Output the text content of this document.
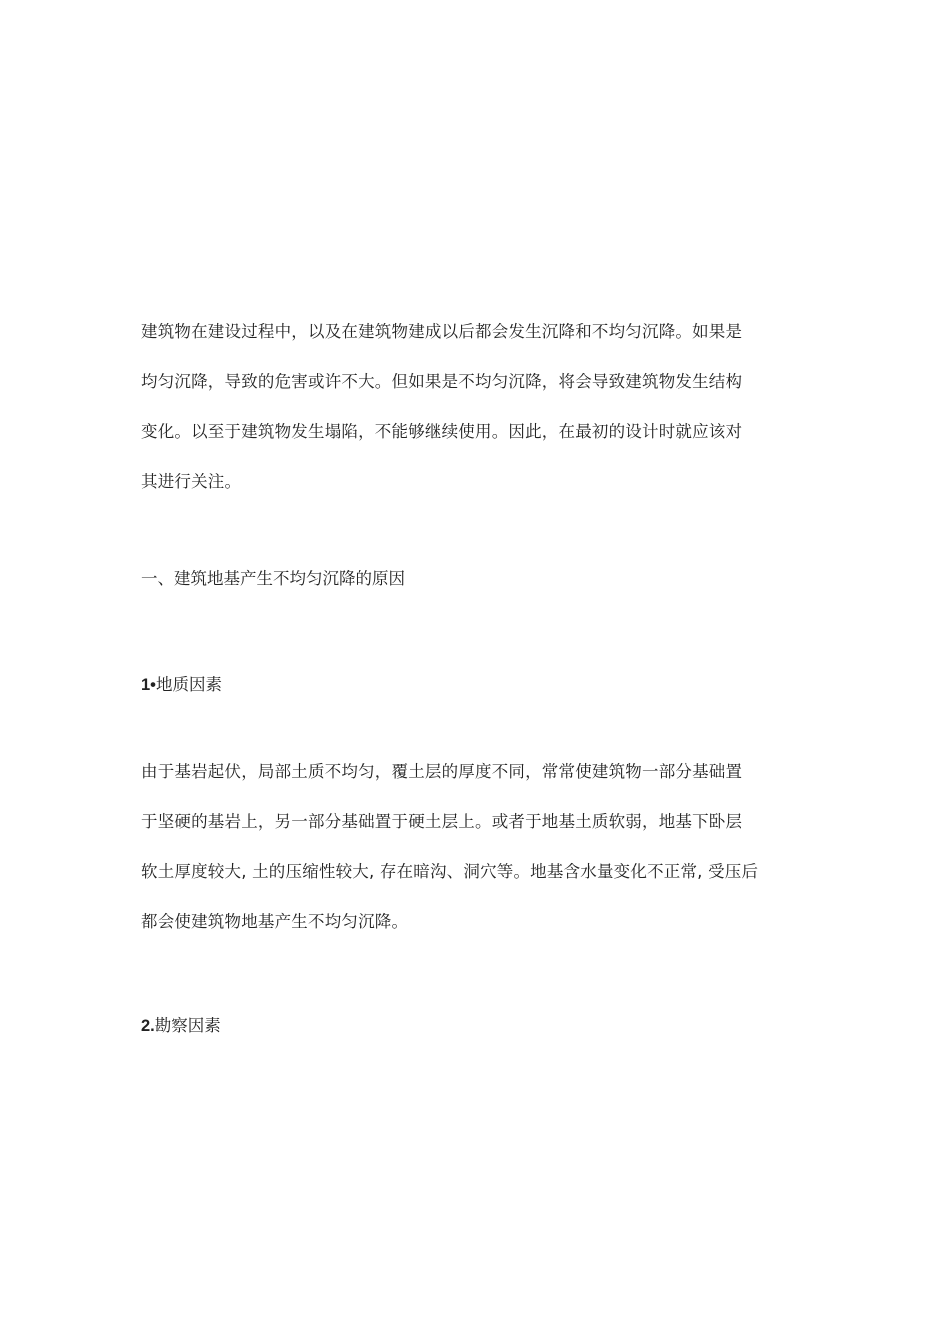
建筑物在建设过程中，以及在建筑物建成以后都会发生沉降和不均匀沉降。如果是
均匀沉降，导致的危害或许不大。但如果是不均匀沉降，将会导致建筑物发生结构
变化。以至于建筑物发生塌陷，不能够继续使用。因此，在最初的设计时就应该对
其进行关注。
一、建筑地基产生不均匀沉降的原因
1•地质因素
由于基岩起伏，局部土质不均匀，覆土层的厚度不同，常常使建筑物一部分基础置
于坚硬的基岩上，另一部分基础置于硬土层上。或者于地基土质软弱，地基下卧层
软土厚度较大, 土的压缩性较大, 存在暗沟、洞穴等。地基含水量变化不正常, 受压后
都会使建筑物地基产生不均匀沉降。
2.勘察因素
